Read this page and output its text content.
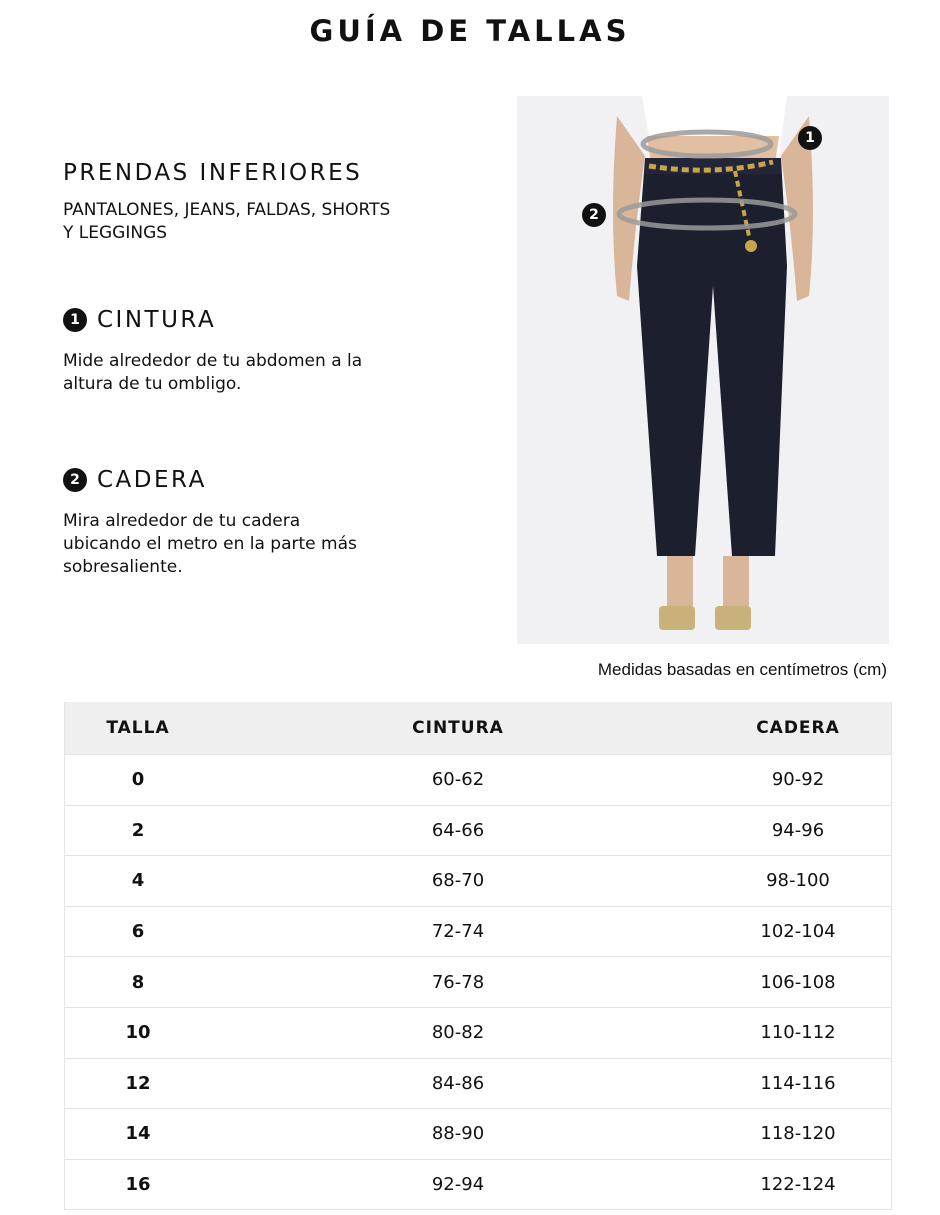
GUÍA DE TALLAS
PRENDAS INFERIORES
PANTALONES, JEANS, FALDAS, SHORTS Y LEGGINGS
1 CINTURA
Mide alrededor de tu abdomen a la altura de tu ombligo.
2 CADERA
Mira alrededor de tu cadera ubicando el metro en la parte más sobresaliente.
1
2
Medidas basadas en centímetros (cm)
TALLA	CINTURA	CADERA
0	60-62	90-92
2	64-66	94-96
4	68-70	98-100
6	72-74	102-104
8	76-78	106-108
10	80-82	110-112
12	84-86	114-116
14	88-90	118-120
16	92-94	122-124
